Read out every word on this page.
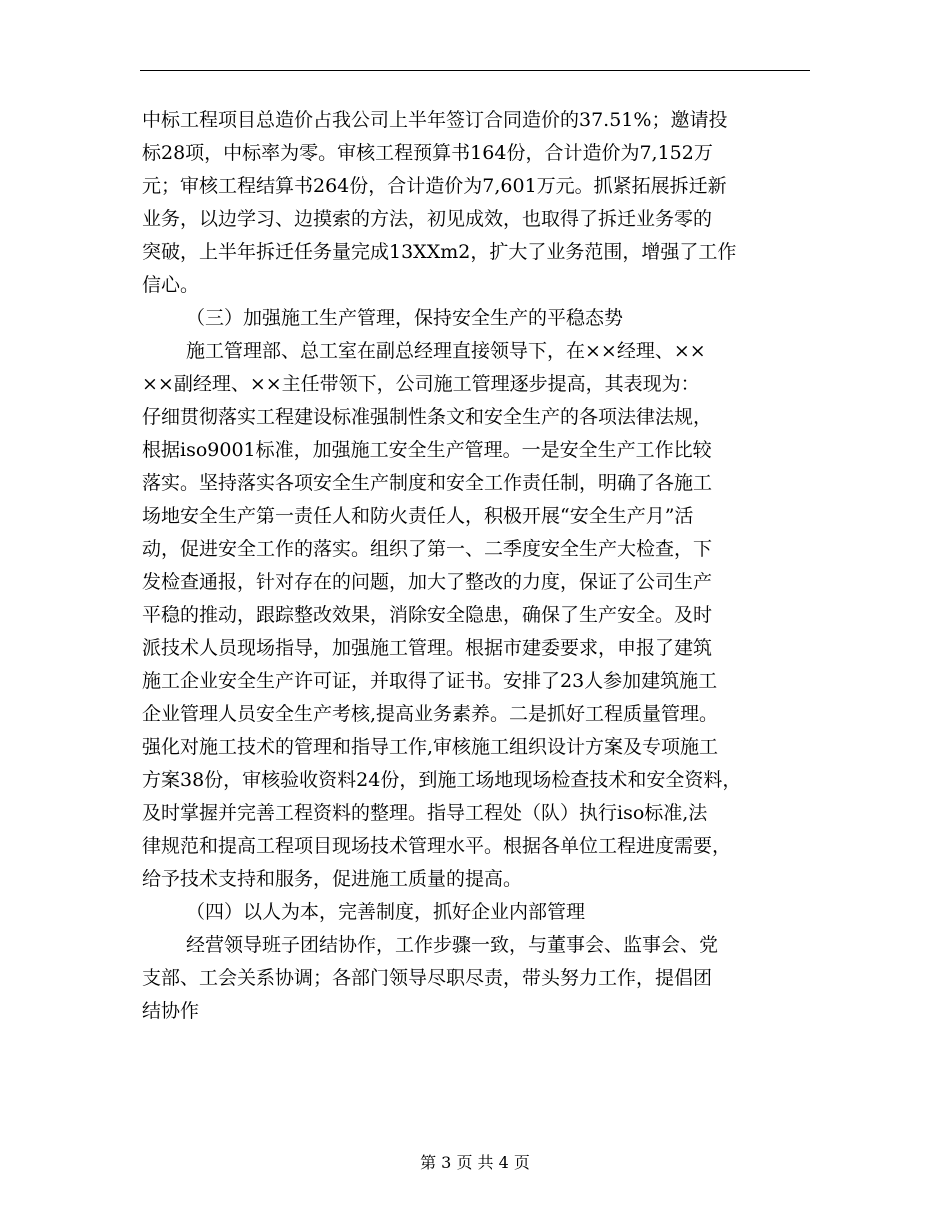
中标工程项目总造价占我公司上半年签订合同造价的37.51%；邀请投
标28项，中标率为零。审核工程预算书164份，合计造价为7,152万
元；审核工程结算书264份，合计造价为7,601万元。抓紧拓展拆迁新
业务，以边学习、边摸索的方法，初见成效，也取得了拆迁业务零的
突破，上半年拆迁任务量完成13XXm2，扩大了业务范围，增强了工作
信心。
（三）加强施工生产管理，保持安全生产的平稳态势
施工管理部、总工室在副总经理直接领导下，在××经理、××
××副经理、××主任带领下，公司施工管理逐步提高，其表现为：
仔细贯彻落实工程建设标准强制性条文和安全生产的各项法律法规，
根据iso9001标准，加强施工安全生产管理。一是安全生产工作比较
落实。坚持落实各项安全生产制度和安全工作责任制，明确了各施工
场地安全生产第一责任人和防火责任人，积极开展“安全生产月”活
动，促进安全工作的落实。组织了第一、二季度安全生产大检查，下
发检查通报，针对存在的问题，加大了整改的力度，保证了公司生产
平稳的推动，跟踪整改效果，消除安全隐患，确保了生产安全。及时
派技术人员现场指导，加强施工管理。根据市建委要求，申报了建筑
施工企业安全生产许可证，并取得了证书。安排了23人参加建筑施工
企业管理人员安全生产考核,提高业务素养。二是抓好工程质量管理。
强化对施工技术的管理和指导工作,审核施工组织设计方案及专项施工
方案38份，审核验收资料24份，到施工场地现场检查技术和安全资料，
及时掌握并完善工程资料的整理。指导工程处（队）执行iso标准,法
律规范和提高工程项目现场技术管理水平。根据各单位工程进度需要，
给予技术支持和服务，促进施工质量的提高。
（四）以人为本，完善制度，抓好企业内部管理
经营领导班子团结协作，工作步骤一致，与董事会、监事会、党
支部、工会关系协调；各部门领导尽职尽责，带头努力工作，提倡团
结协作
第 3 页 共 4 页
